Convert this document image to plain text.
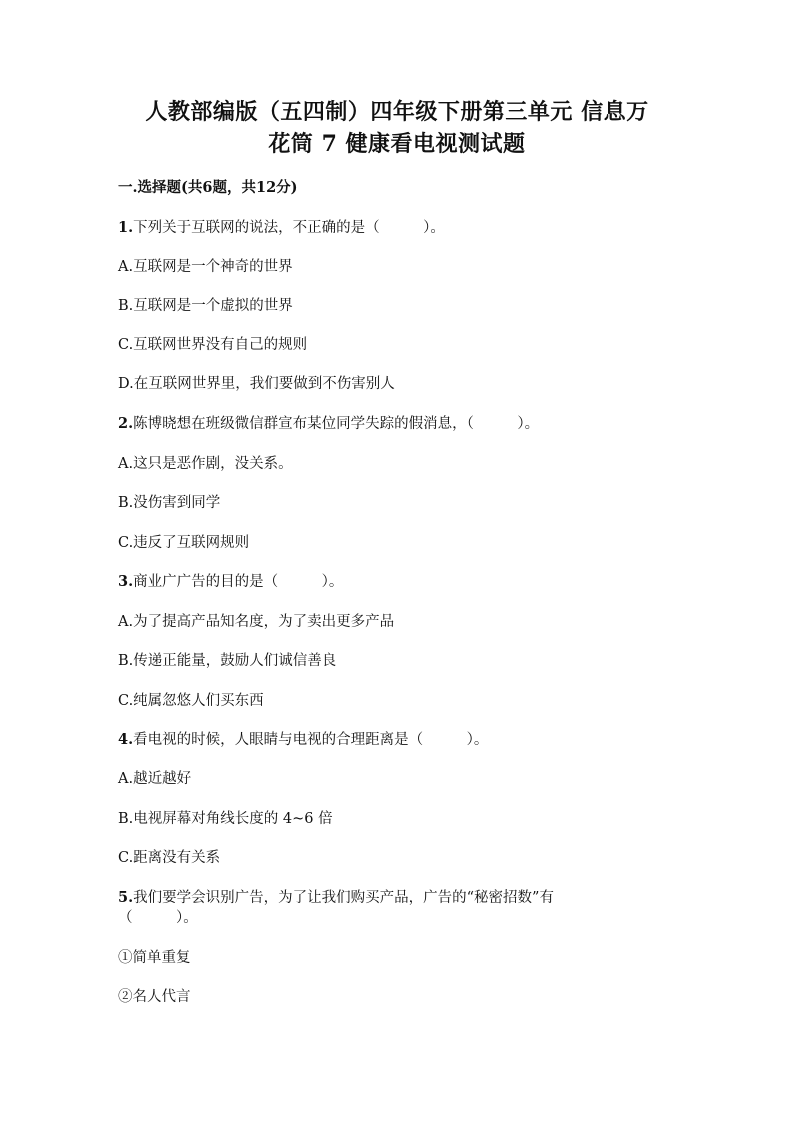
人教部编版（五四制）四年级下册第三单元 信息万
花筒 7 健康看电视测试题
一.选择题(共6题，共12分)
1.下列关于互联网的说法，不正确的是（　　　）。
A.互联网是一个神奇的世界
B.互联网是一个虚拟的世界
C.互联网世界没有自己的规则
D.在互联网世界里，我们要做到不伤害别人
2.陈博晓想在班级微信群宣布某位同学失踪的假消息，（　　　）。
A.这只是恶作剧，没关系。
B.没伤害到同学
C.违反了互联网规则
3.商业广广告的目的是（　　　）。
A.为了提高产品知名度，为了卖出更多产品
B.传递正能量，鼓励人们诚信善良
C.纯属忽悠人们买东西
4.看电视的时候，人眼睛与电视的合理距离是（　　　）。
A.越近越好
B.电视屏幕对角线长度的 4~6 倍
C.距离没有关系
5.我们要学会识别广告，为了让我们购买产品，广告的“秘密招数”有
（　　　）。
①简单重复
②名人代言
